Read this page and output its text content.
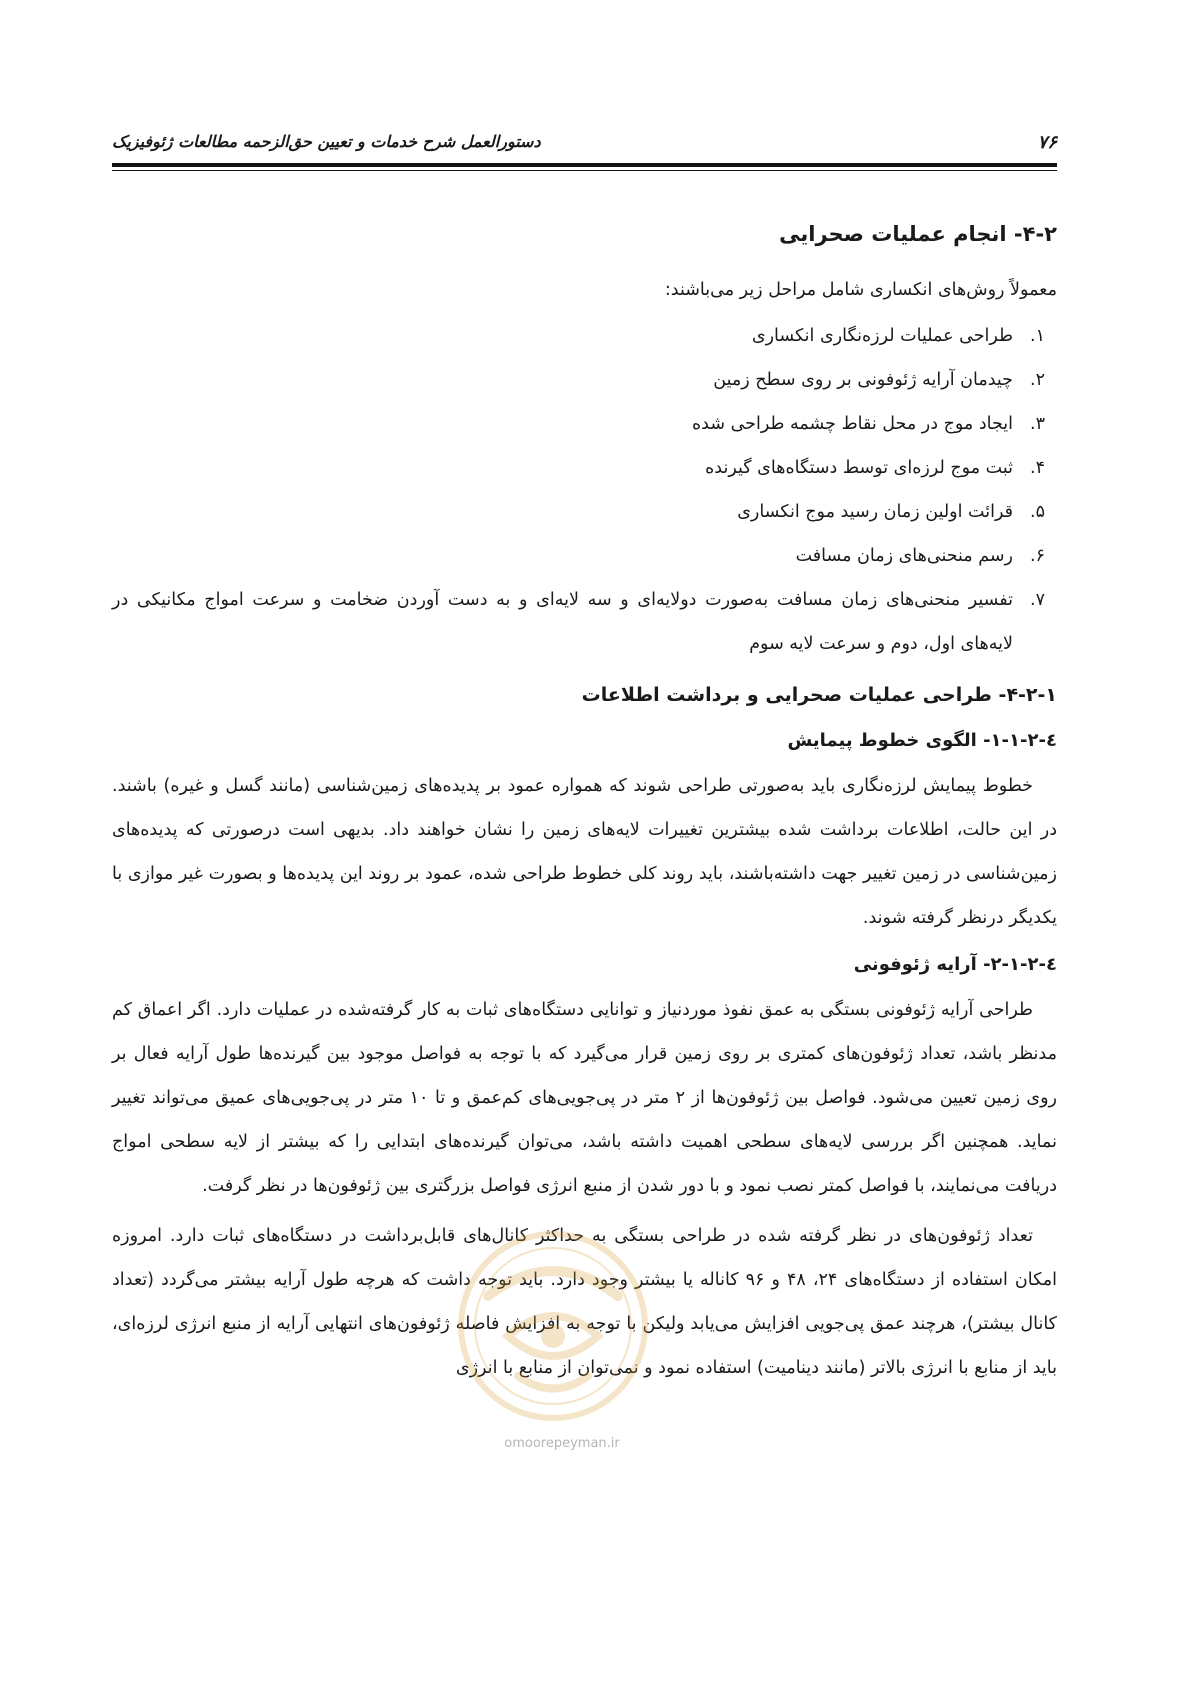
۷۶
دستورالعمل شرح خدمات و تعیین حق‌الزحمه مطالعات ژئوفیزیک
۴-۲- انجام عملیات صحرایی

معمولاً روش‌های انکساری شامل مراحل زیر می‌باشند:

۱.
طراحی عملیات لرزه‌نگاری انکساری
۲.
چیدمان آرایه ژئوفونی بر روی سطح زمین
۳.
ایجاد موج در محل نقاط چشمه طراحی شده
۴.
ثبت موج لرزه‌ای توسط دستگاه‌های گیرنده
۵.
قرائت اولین زمان رسید موج انکساری
۶.
رسم منحنی‌های زمان مسافت
۷.
تفسیر منحنی‌های زمان مسافت به‌صورت دولایه‌ای و سه لایه‌ای و به دست آوردن ضخامت و سرعت امواج مکانیکی در لایه‌های اول، دوم و سرعت لایه سوم
۴-۲-۱- طراحی عملیات صحرایی و برداشت اطلاعات
٤-٢-١-١- الگوی خطوط پیمایش

خطوط پیمایش لرزه‌نگاری باید به‌صورتی طراحی شوند که همواره عمود بر پدیده‌های زمین‌شناسی (مانند گسل و غیره) باشند. در این حالت، اطلاعات برداشت شده بیشترین تغییرات لایه‌های زمین را نشان خواهند داد. بدیهی است درصورتی که پدیده‌های زمین‌شناسی در زمین تغییر جهت داشته‌باشند، باید روند کلی خطوط طراحی شده، عمود بر روند این پدیده‌ها و بصورت غیر موازی با یکدیگر درنظر گرفته شوند.

٤-٢-١-٢- آرایه ژئوفونی

طراحی آرایه ژئوفونی بستگی به عمق نفوذ موردنیاز و توانایی دستگاه‌های ثبات به کار گرفته‌شده در عملیات دارد. اگر اعماق کم مدنظر باشد، تعداد ژئوفون‌های کمتری بر روی زمین قرار می‌گیرد که با توجه به فواصل موجود بین گیرنده‌ها طول آرایه فعال بر روی زمین تعیین می‌شود. فواصل بین ژئوفون‌ها از ۲ متر در پی‌جویی‌های کم‌عمق و تا ۱۰ متر در پی‌جویی‌های عمیق می‌تواند تغییر نماید. همچنین اگر بررسی لایه‌های سطحی اهمیت داشته باشد، می‌توان گیرنده‌های ابتدایی را که بیشتر از لایه سطحی امواج دریافت می‌نمایند، با فواصل کمتر نصب نمود و با دور شدن از منبع انرژی فواصل بزرگتری بین ژئوفون‌ها در نظر گرفت.

تعداد ژئوفون‌های در نظر گرفته شده در طراحی بستگی به حداکثر کانال‌های قابل‌برداشت در دستگاه‌های ثبات دارد. امروزه امکان استفاده از دستگاه‌های ۲۴، ۴۸ و ۹۶ کاناله یا بیشتر وجود دارد. باید توجه داشت که هرچه طول آرایه بیشتر می‌گردد (تعداد کانال بیشتر)، هرچند عمق پی‌جویی افزایش می‌یابد ولیکن با توجه به افزایش فاصله ژئوفون‌های انتهایی آرایه از منبع انرژی لرزه‌ای، باید از منابع با انرژی بالاتر (مانند دینامیت) استفاده نمود و نمی‌توان از منابع با انرژی

omoorepeyman.ir
